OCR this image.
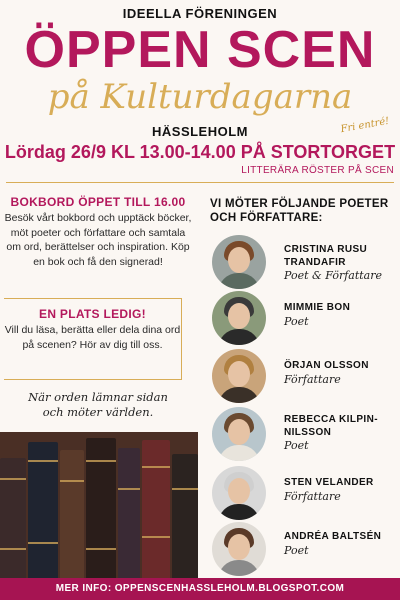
IDEELLA FÖRENINGEN
ÖPPEN SCEN
på Kulturdagarna
HÄSSLEHOLM	Fri entré!
Lördag 26/9 KL 13.00-14.00 PÅ STORTORGET
LITTERÄRA RÖSTER PÅ SCEN
BOKBORD ÖPPET TILL 16.00
Besök vårt bokbord och upptäck böcker, möt poeter och författare och samtala om ord, berättelser och inspiration. Köp en bok och få den signerad!
EN PLATS LEDIG!
Vill du läsa, berätta eller dela dina ord på scenen? Hör av dig till oss.
När orden lämnar sidan
och möter världen.
VI MÖTER FÖLJANDE POETER OCH FÖRFATTARE:
CRISTINA RUSU TRANDAFIR
Poet & Författare
MIMMIE BON
Poet
ÖRJAN OLSSON
Författare
REBECCA KILPIN-NILSSON
Poet
STEN VELANDER
Författare
ANDRÉA BALTSÉN
Poet
MER INFO: OPPENSCENHASSLEHOLM.BLOGSPOT.COM
